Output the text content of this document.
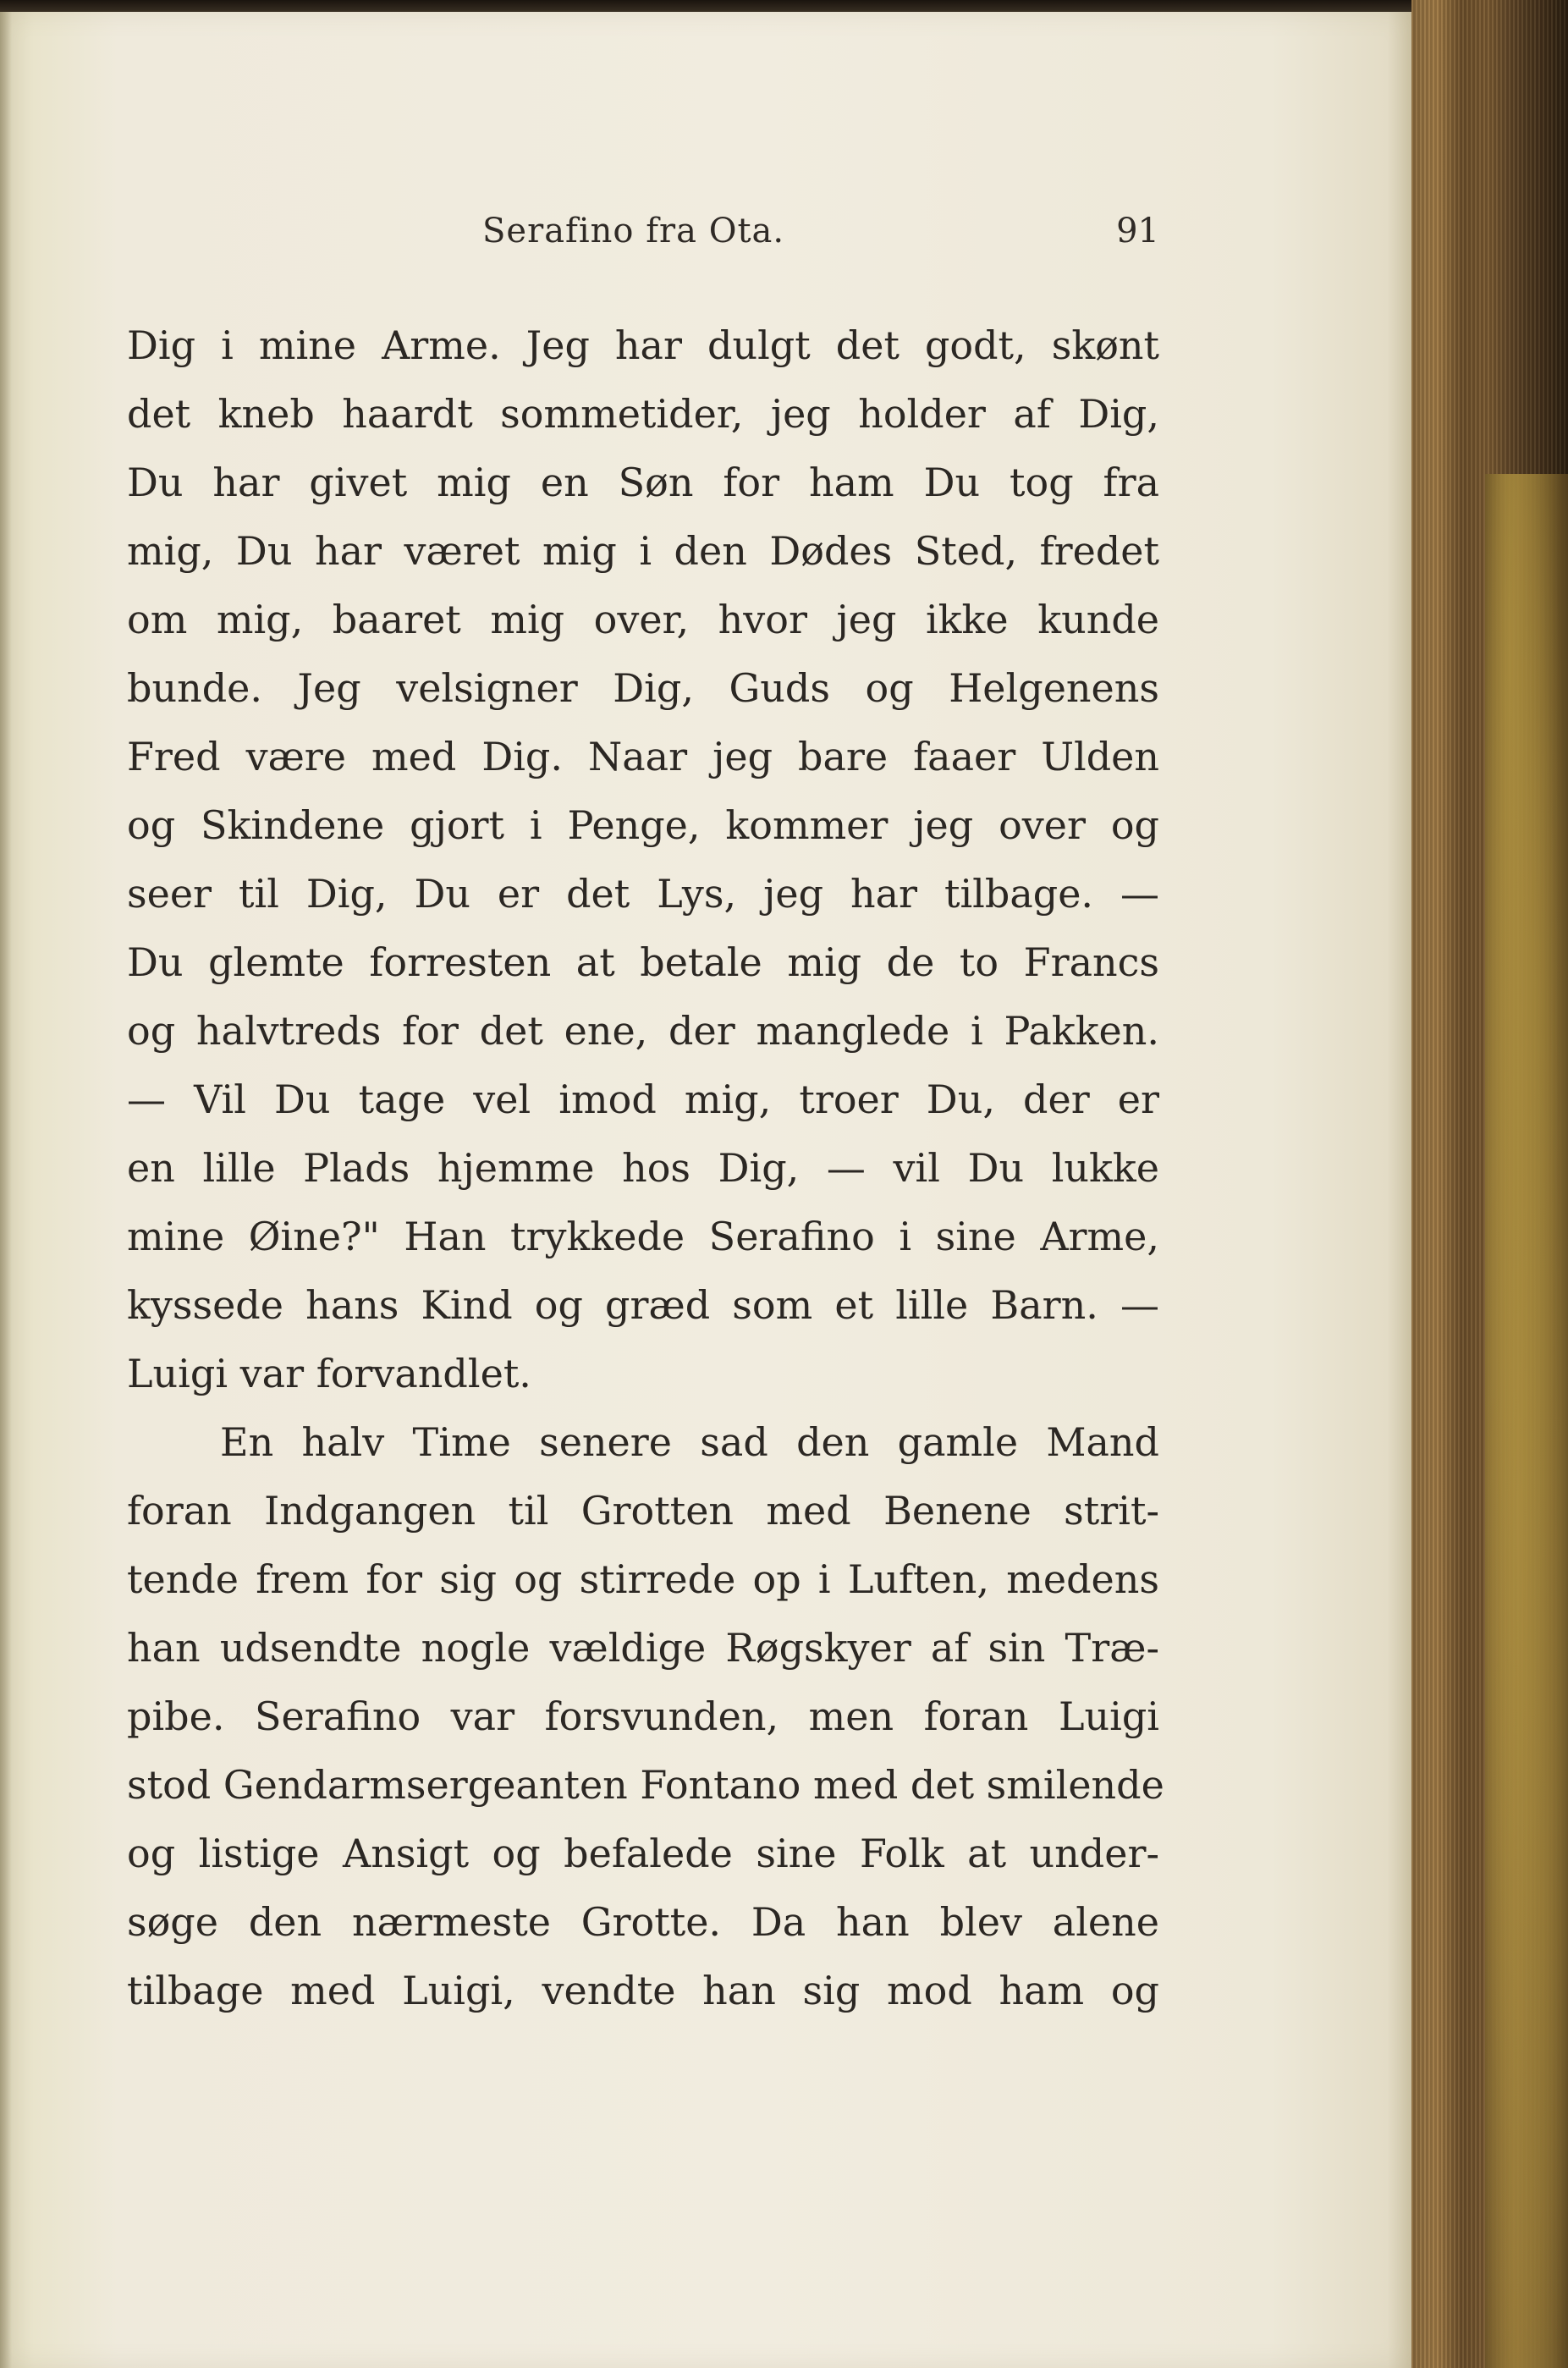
Serafino fra Ota.	91
Dig i mine Arme. Jeg har dulgt det godt, skønt
det kneb haardt sommetider, jeg holder af Dig,
Du har givet mig en Søn for ham Du tog fra
mig, Du har været mig i den Dødes Sted, fredet
om mig, baaret mig over, hvor jeg ikke kunde
bunde. Jeg velsigner Dig, Guds og Helgenens
Fred være med Dig. Naar jeg bare faaer Ulden
og Skindene gjort i Penge, kommer jeg over og
seer til Dig, Du er det Lys, jeg har tilbage. —
Du glemte forresten at betale mig de to Francs
og halvtreds for det ene, der manglede i Pakken.
— Vil Du tage vel imod mig, troer Du, der er
en lille Plads hjemme hos Dig, — vil Du lukke
mine Øine?" Han trykkede Serafino i sine Arme,
kyssede hans Kind og græd som et lille Barn. —
Luigi var forvandlet.
En halv Time senere sad den gamle Mand
foran Indgangen til Grotten med Benene strit-
tende frem for sig og stirrede op i Luften, medens
han udsendte nogle vældige Røgskyer af sin Træ-
pibe. Serafino var forsvunden, men foran Luigi
stod Gendarmsergeanten Fontano med det smilende
og listige Ansigt og befalede sine Folk at under-
søge den nærmeste Grotte. Da han blev alene
tilbage med Luigi, vendte han sig mod ham og
